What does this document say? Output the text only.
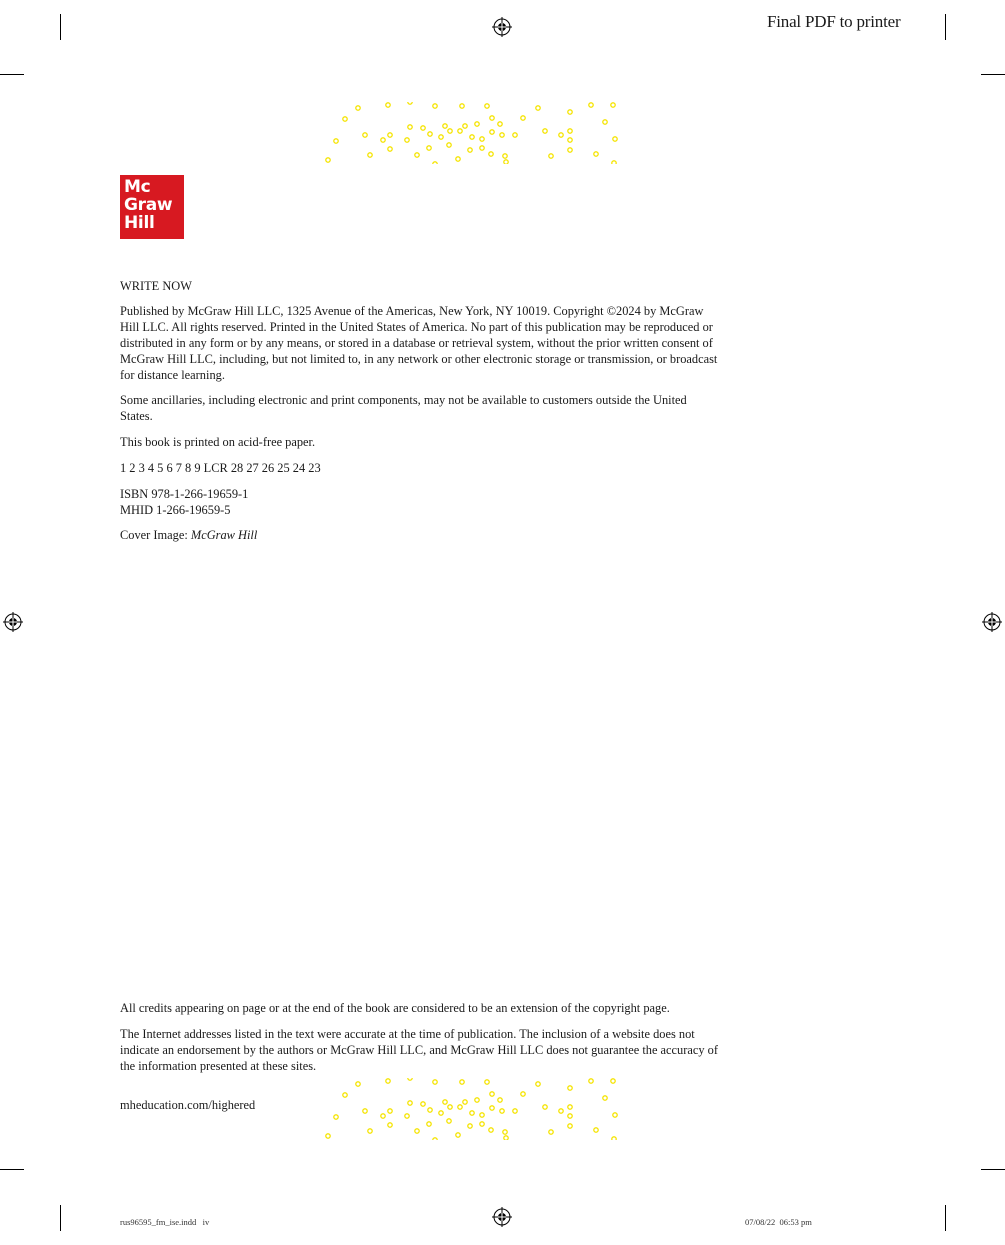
Final PDF to printer
Mc
Graw
Hill
WRITE NOW

Published by McGraw Hill LLC, 1325 Avenue of the Americas, New York, NY 10019. Copyright ©2024 by McGraw Hill LLC. All rights reserved. Printed in the United States of America. No part of this publication may be reproduced or distributed in any form or by any means, or stored in a database or retrieval system, without the prior written consent of McGraw Hill LLC, including, but not limited to, in any network or other electronic storage or transmission, or broadcast for distance learning.

Some ancillaries, including electronic and print components, may not be available to customers outside the United States.

This book is printed on acid-free paper.
1 2 3 4 5 6 7 8 9 LCR 28 27 26 25 24 23
ISBN 978-1-266-19659-1
MHID 1-266-19659-5
Cover Image: McGraw Hill
All credits appearing on page or at the end of the book are considered to be an extension of the copyright page.

The Internet addresses listed in the text were accurate at the time of publication. The inclusion of a website does not indicate an endorsement by the authors or McGraw Hill LLC, and McGraw Hill LLC does not guarantee the accuracy of the information presented at these sites.

mheducation.com/highered
rus96595_fm_ise.indd iv	07/08/22 06:53 pm
